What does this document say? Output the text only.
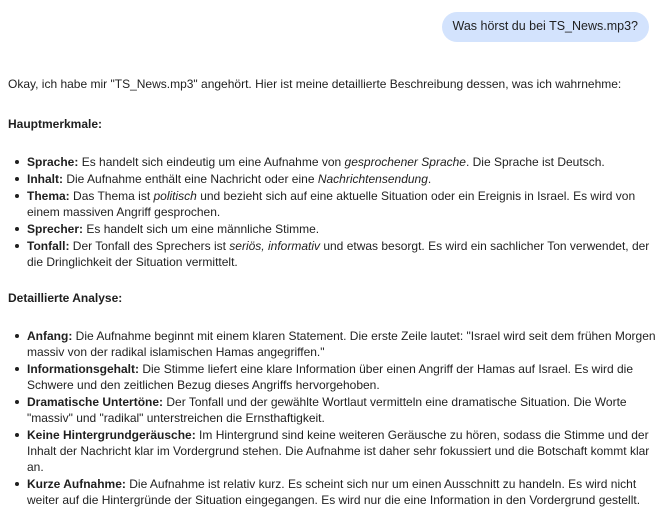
Was hörst du bei TS_News.mp3?

Okay, ich habe mir "TS_News.mp3" angehört. Hier ist meine detaillierte Beschreibung dessen, was ich wahrnehme:

Hauptmerkmale:

Sprache: Es handelt sich eindeutig um eine Aufnahme von gesprochener Sprache. Die Sprache ist Deutsch.
Inhalt: Die Aufnahme enthält eine Nachricht oder eine Nachrichtensendung.
Thema: Das Thema ist politisch und bezieht sich auf eine aktuelle Situation oder ein Ereignis in Israel. Es wird von einem massiven Angriff gesprochen.
Sprecher: Es handelt sich um eine männliche Stimme.
Tonfall: Der Tonfall des Sprechers ist seriös, informativ und etwas besorgt. Es wird ein sachlicher Ton verwendet, der die Dringlichkeit der Situation vermittelt.

Detaillierte Analyse:

Anfang: Die Aufnahme beginnt mit einem klaren Statement. Die erste Zeile lautet: "Israel wird seit dem frühen Morgen massiv von der radikal islamischen Hamas angegriffen."
Informationsgehalt: Die Stimme liefert eine klare Information über einen Angriff der Hamas auf Israel. Es wird die Schwere und den zeitlichen Bezug dieses Angriffs hervorgehoben.
Dramatische Untertöne: Der Tonfall und der gewählte Wortlaut vermitteln eine dramatische Situation. Die Worte "massiv" und "radikal" unterstreichen die Ernsthaftigkeit.
Keine Hintergrundgeräusche: Im Hintergrund sind keine weiteren Geräusche zu hören, sodass die Stimme und der Inhalt der Nachricht klar im Vordergrund stehen. Die Aufnahme ist daher sehr fokussiert und die Botschaft kommt klar an.
Kurze Aufnahme: Die Aufnahme ist relativ kurz. Es scheint sich nur um einen Ausschnitt zu handeln. Es wird nicht weiter auf die Hintergründe der Situation eingegangen. Es wird nur die eine Information in den Vordergrund gestellt.
